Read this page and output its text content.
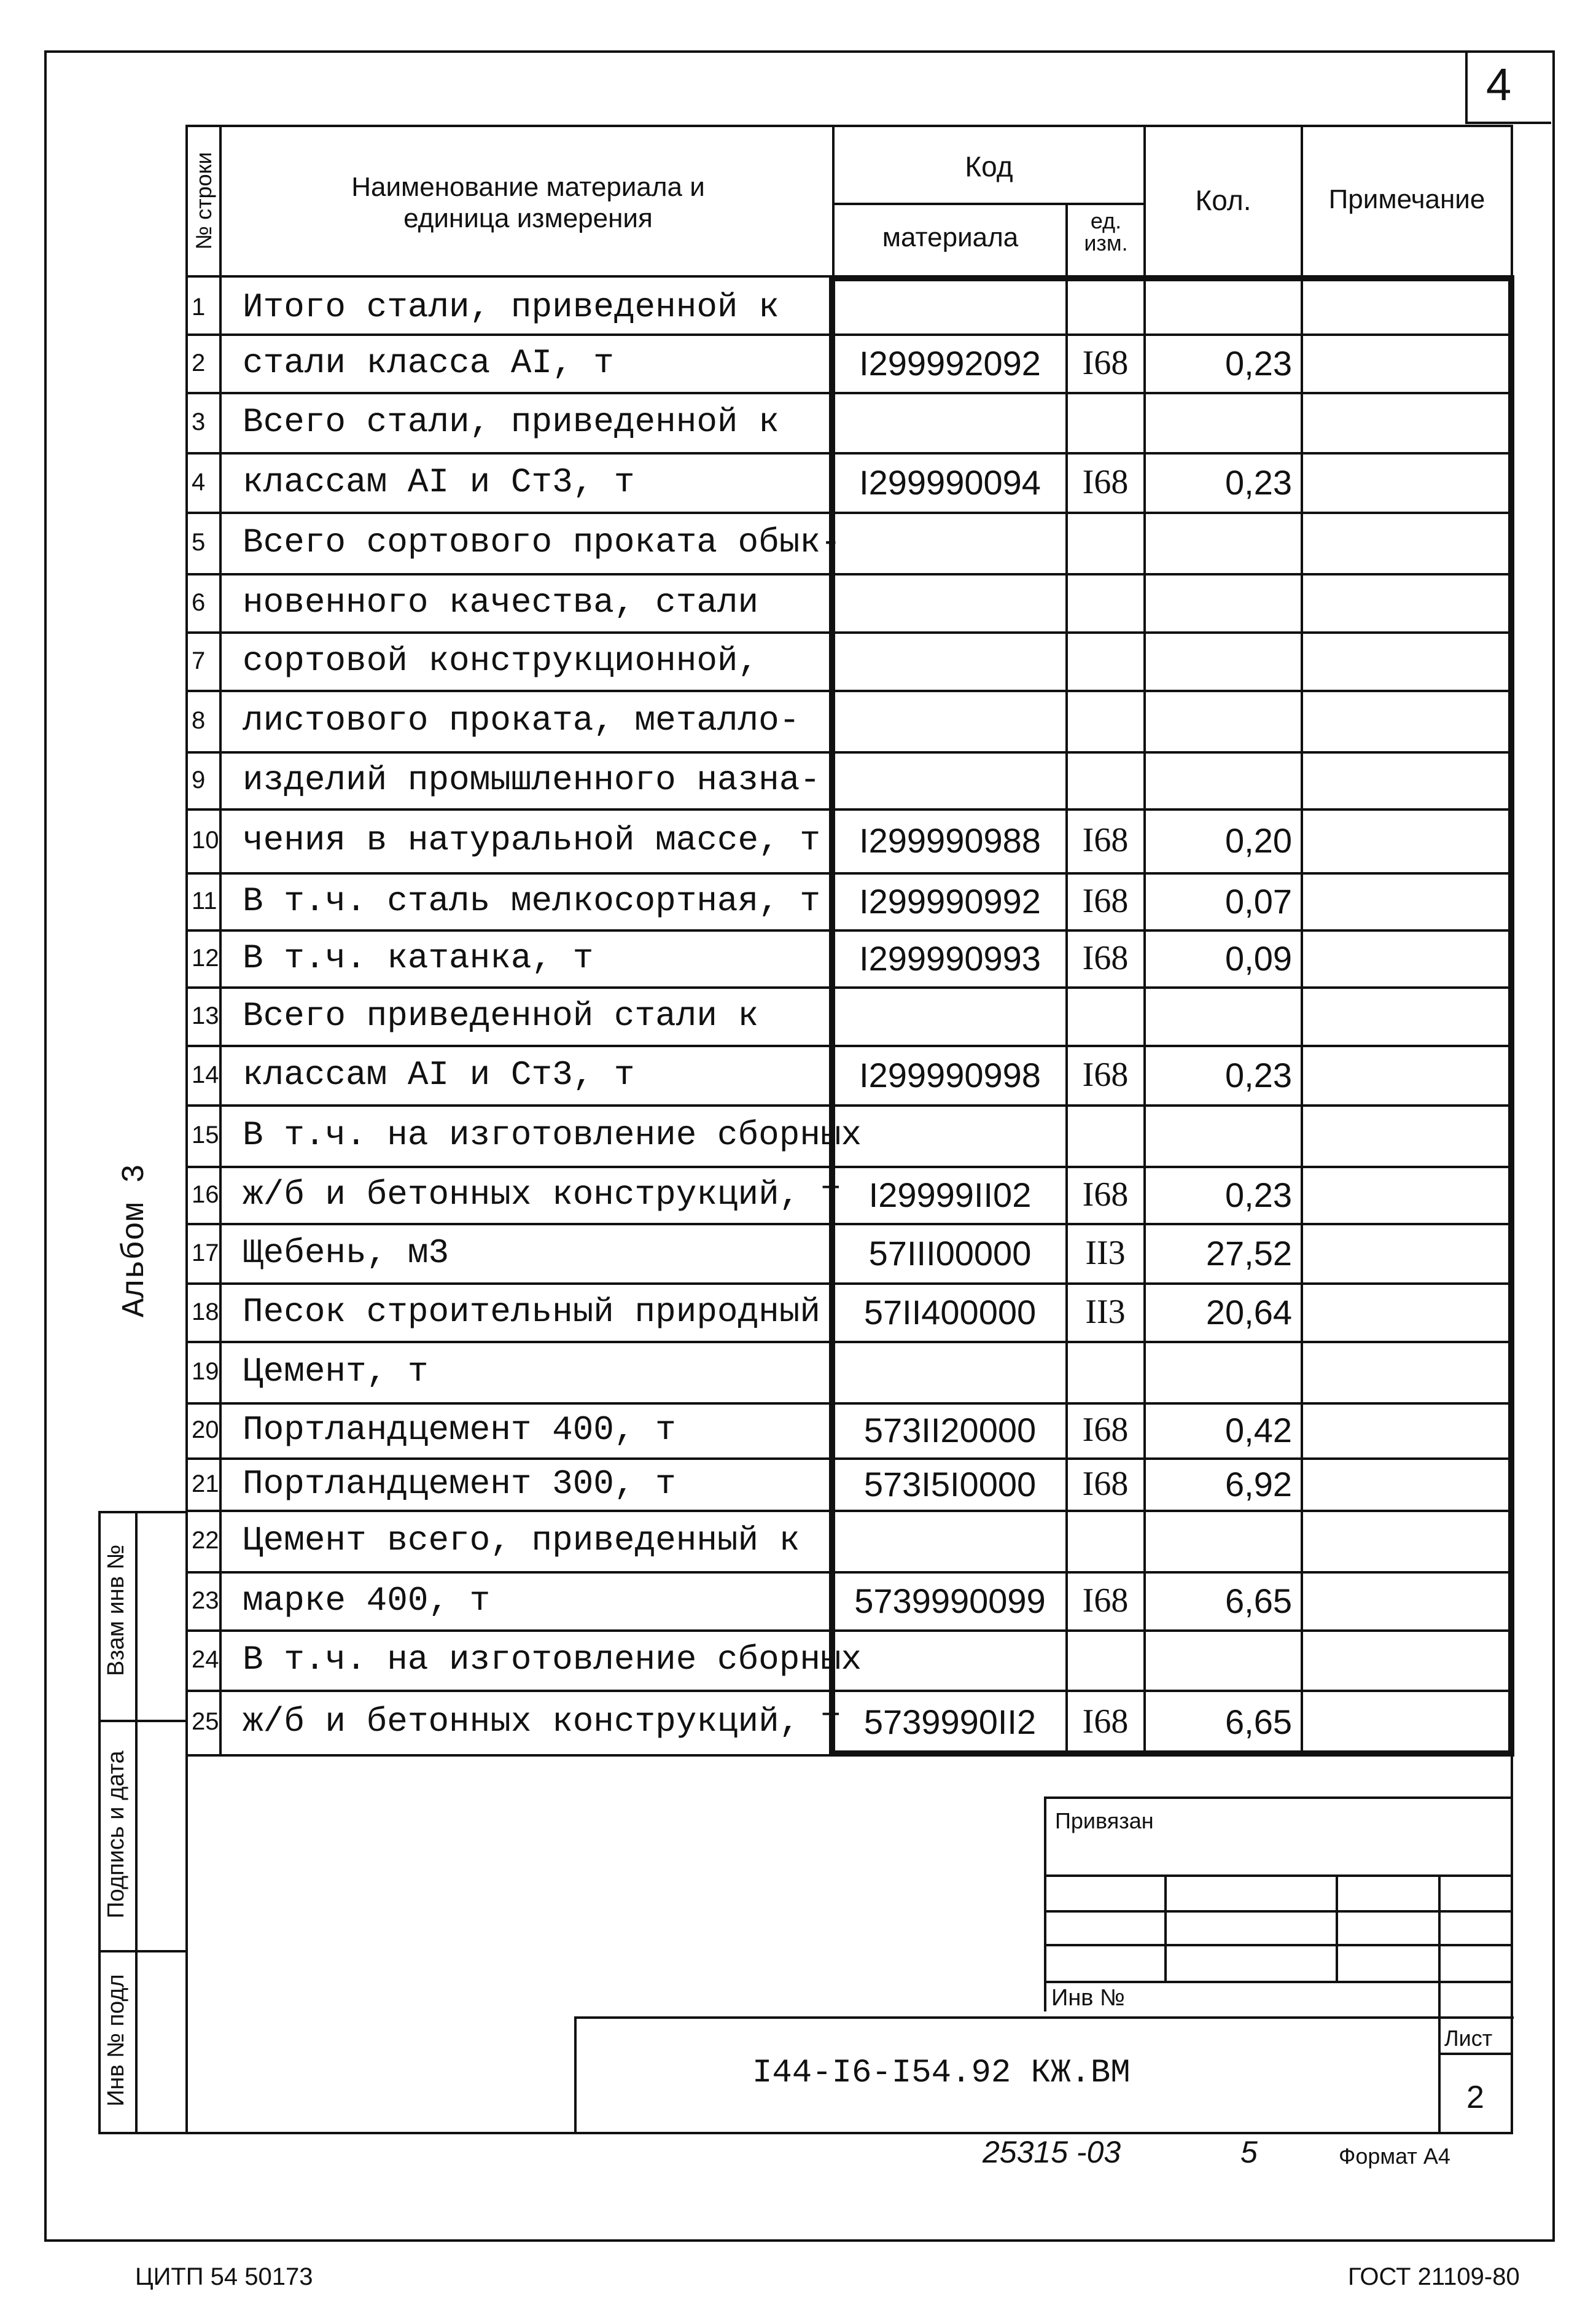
4
№ строки	Наименование материала и единица измерения
Код
материала
ед. изм.
Кол.	Примечание
1 Итого стали, приведенной к
2 стали класса АI, т	I299992092	I68	0,23
3 Всего стали, приведенной к
4 классам АI и Ст3, т	I299990094	I68	0,23
5 Всего сортового проката обык-
6 новенного качества, стали
7 сортовой конструкционной,
8 листового проката, металло-
9 изделий промышленного назна-
10 чения в натуральной массе, т	I299990988	I68	0,20
11 В т.ч. сталь мелкосортная, т	I299990992	I68	0,07
12 В т.ч. катанка, т	I299990993	I68	0,09
13 Всего приведенной стали к
14 классам АI и Ст3, т	I299990998	I68	0,23
15 В т.ч. на изготовление сборных
16 ж/б и бетонных конструкций, т I29999II02	I68	0,23
17 Щебень, м3	57III00000	II3	27,52
18 Песок строительный природный	57II400000	II3	20,64
19 Цемент, т
20 Портландцемент 400, т	573II20000	I68	0,42
21 Портландцемент 300, т	573I5I0000	I68	6,92
22 Цемент всего, приведенный к
23 марке 400, т	5739990099	I68	6,65
24 В т.ч. на изготовление сборных
25 ж/б и бетонных конструкций, т 5739990II2	I68	6,65
Взам инв №
Подпись и дата
Инв № подл
Альбом 3
Привязан
Инв №
Лист
2
I44-I6-I54.92 КЖ.ВМ
25315 -03	5	Формат А4
ЦИТП 54 50173	ГОСТ 21109-80
